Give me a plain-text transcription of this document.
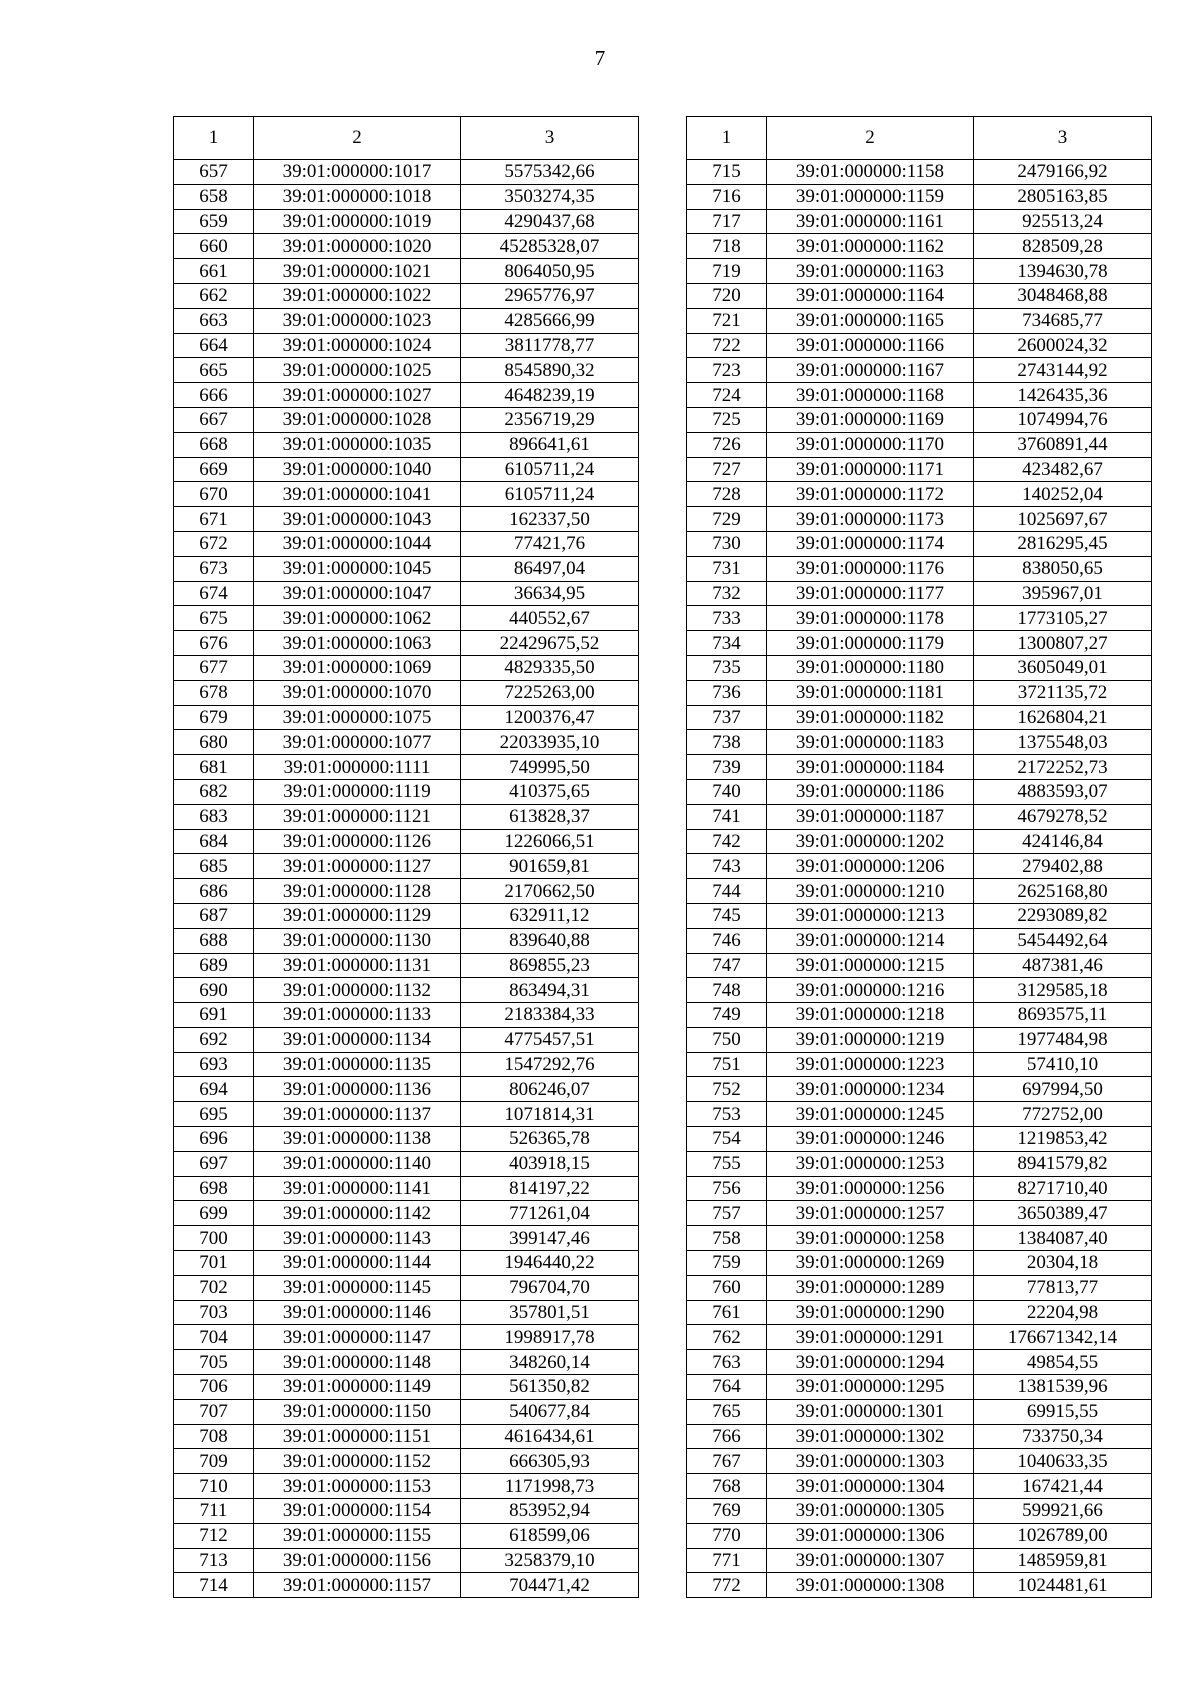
7
1	2	3
657	39:01:000000:1017	5575342,66
658	39:01:000000:1018	3503274,35
659	39:01:000000:1019	4290437,68
660	39:01:000000:1020	45285328,07
661	39:01:000000:1021	8064050,95
662	39:01:000000:1022	2965776,97
663	39:01:000000:1023	4285666,99
664	39:01:000000:1024	3811778,77
665	39:01:000000:1025	8545890,32
666	39:01:000000:1027	4648239,19
667	39:01:000000:1028	2356719,29
668	39:01:000000:1035	896641,61
669	39:01:000000:1040	6105711,24
670	39:01:000000:1041	6105711,24
671	39:01:000000:1043	162337,50
672	39:01:000000:1044	77421,76
673	39:01:000000:1045	86497,04
674	39:01:000000:1047	36634,95
675	39:01:000000:1062	440552,67
676	39:01:000000:1063	22429675,52
677	39:01:000000:1069	4829335,50
678	39:01:000000:1070	7225263,00
679	39:01:000000:1075	1200376,47
680	39:01:000000:1077	22033935,10
681	39:01:000000:1111	749995,50
682	39:01:000000:1119	410375,65
683	39:01:000000:1121	613828,37
684	39:01:000000:1126	1226066,51
685	39:01:000000:1127	901659,81
686	39:01:000000:1128	2170662,50
687	39:01:000000:1129	632911,12
688	39:01:000000:1130	839640,88
689	39:01:000000:1131	869855,23
690	39:01:000000:1132	863494,31
691	39:01:000000:1133	2183384,33
692	39:01:000000:1134	4775457,51
693	39:01:000000:1135	1547292,76
694	39:01:000000:1136	806246,07
695	39:01:000000:1137	1071814,31
696	39:01:000000:1138	526365,78
697	39:01:000000:1140	403918,15
698	39:01:000000:1141	814197,22
699	39:01:000000:1142	771261,04
700	39:01:000000:1143	399147,46
701	39:01:000000:1144	1946440,22
702	39:01:000000:1145	796704,70
703	39:01:000000:1146	357801,51
704	39:01:000000:1147	1998917,78
705	39:01:000000:1148	348260,14
706	39:01:000000:1149	561350,82
707	39:01:000000:1150	540677,84
708	39:01:000000:1151	4616434,61
709	39:01:000000:1152	666305,93
710	39:01:000000:1153	1171998,73
711	39:01:000000:1154	853952,94
712	39:01:000000:1155	618599,06
713	39:01:000000:1156	3258379,10
714	39:01:000000:1157	704471,42
1	2	3
715	39:01:000000:1158	2479166,92
716	39:01:000000:1159	2805163,85
717	39:01:000000:1161	925513,24
718	39:01:000000:1162	828509,28
719	39:01:000000:1163	1394630,78
720	39:01:000000:1164	3048468,88
721	39:01:000000:1165	734685,77
722	39:01:000000:1166	2600024,32
723	39:01:000000:1167	2743144,92
724	39:01:000000:1168	1426435,36
725	39:01:000000:1169	1074994,76
726	39:01:000000:1170	3760891,44
727	39:01:000000:1171	423482,67
728	39:01:000000:1172	140252,04
729	39:01:000000:1173	1025697,67
730	39:01:000000:1174	2816295,45
731	39:01:000000:1176	838050,65
732	39:01:000000:1177	395967,01
733	39:01:000000:1178	1773105,27
734	39:01:000000:1179	1300807,27
735	39:01:000000:1180	3605049,01
736	39:01:000000:1181	3721135,72
737	39:01:000000:1182	1626804,21
738	39:01:000000:1183	1375548,03
739	39:01:000000:1184	2172252,73
740	39:01:000000:1186	4883593,07
741	39:01:000000:1187	4679278,52
742	39:01:000000:1202	424146,84
743	39:01:000000:1206	279402,88
744	39:01:000000:1210	2625168,80
745	39:01:000000:1213	2293089,82
746	39:01:000000:1214	5454492,64
747	39:01:000000:1215	487381,46
748	39:01:000000:1216	3129585,18
749	39:01:000000:1218	8693575,11
750	39:01:000000:1219	1977484,98
751	39:01:000000:1223	57410,10
752	39:01:000000:1234	697994,50
753	39:01:000000:1245	772752,00
754	39:01:000000:1246	1219853,42
755	39:01:000000:1253	8941579,82
756	39:01:000000:1256	8271710,40
757	39:01:000000:1257	3650389,47
758	39:01:000000:1258	1384087,40
759	39:01:000000:1269	20304,18
760	39:01:000000:1289	77813,77
761	39:01:000000:1290	22204,98
762	39:01:000000:1291	176671342,14
763	39:01:000000:1294	49854,55
764	39:01:000000:1295	1381539,96
765	39:01:000000:1301	69915,55
766	39:01:000000:1302	733750,34
767	39:01:000000:1303	1040633,35
768	39:01:000000:1304	167421,44
769	39:01:000000:1305	599921,66
770	39:01:000000:1306	1026789,00
771	39:01:000000:1307	1485959,81
772	39:01:000000:1308	1024481,61
